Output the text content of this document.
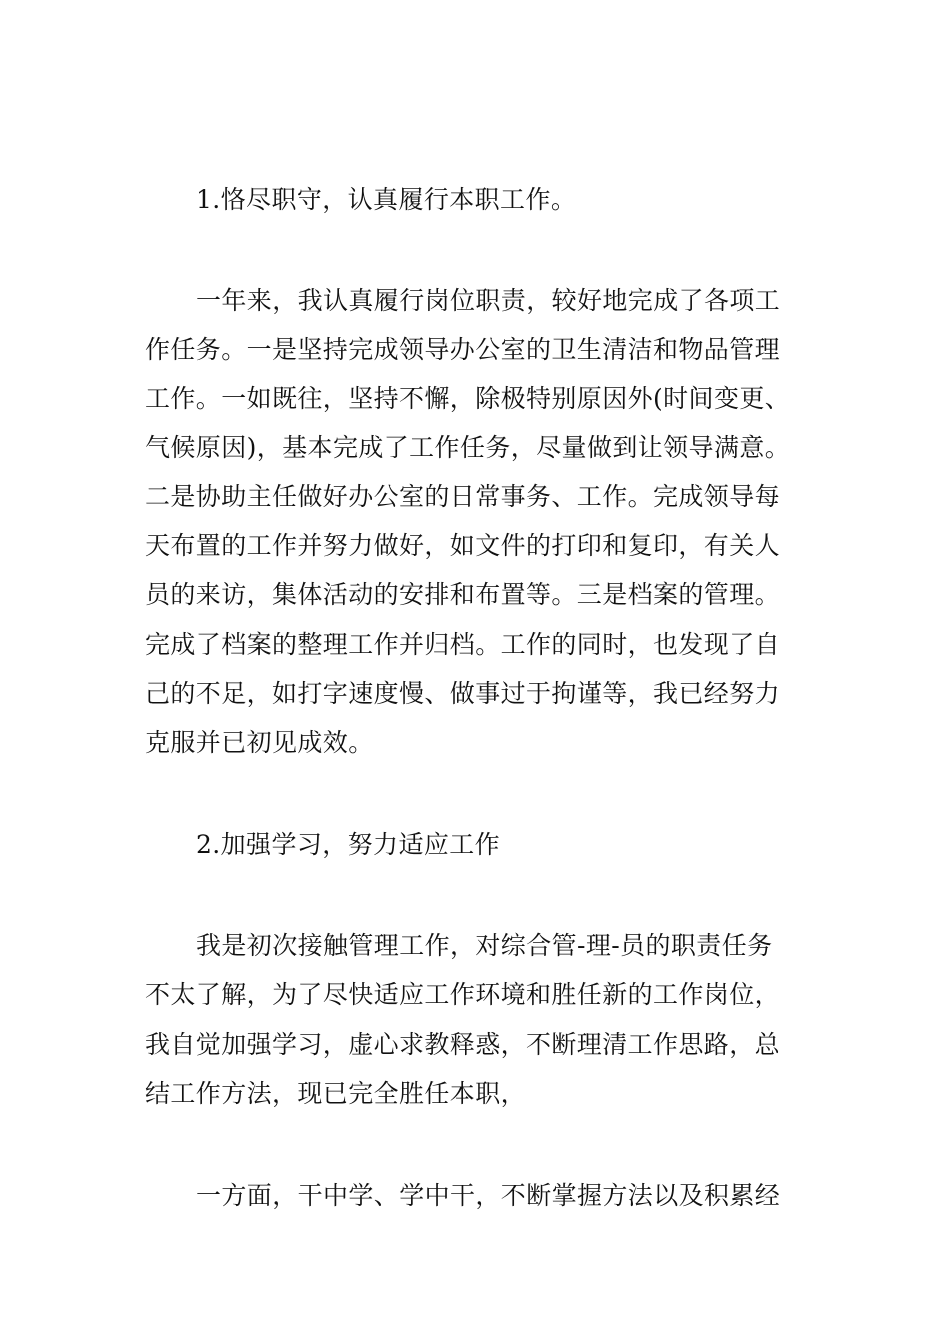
1.恪尽职守，认真履行本职工作。
一年来，我认真履行岗位职责，较好地完成了各项工
作任务。一是坚持完成领导办公室的卫生清洁和物品管理
工作。一如既往，坚持不懈，除极特别原因外(时间变更、
气候原因)，基本完成了工作任务，尽量做到让领导满意。
二是协助主任做好办公室的日常事务、工作。完成领导每
天布置的工作并努力做好，如文件的打印和复印，有关人
员的来访，集体活动的安排和布置等。三是档案的管理。
完成了档案的整理工作并归档。工作的同时，也发现了自
己的不足，如打字速度慢、做事过于拘谨等，我已经努力
克服并已初见成效。
2.加强学习，努力适应工作
我是初次接触管理工作，对综合管-理-员的职责任务
不太了解，为了尽快适应工作环境和胜任新的工作岗位，
我自觉加强学习，虚心求教释惑，不断理清工作思路，总
结工作方法，现已完全胜任本职，
一方面，干中学、学中干，不断掌握方法以及积累经
